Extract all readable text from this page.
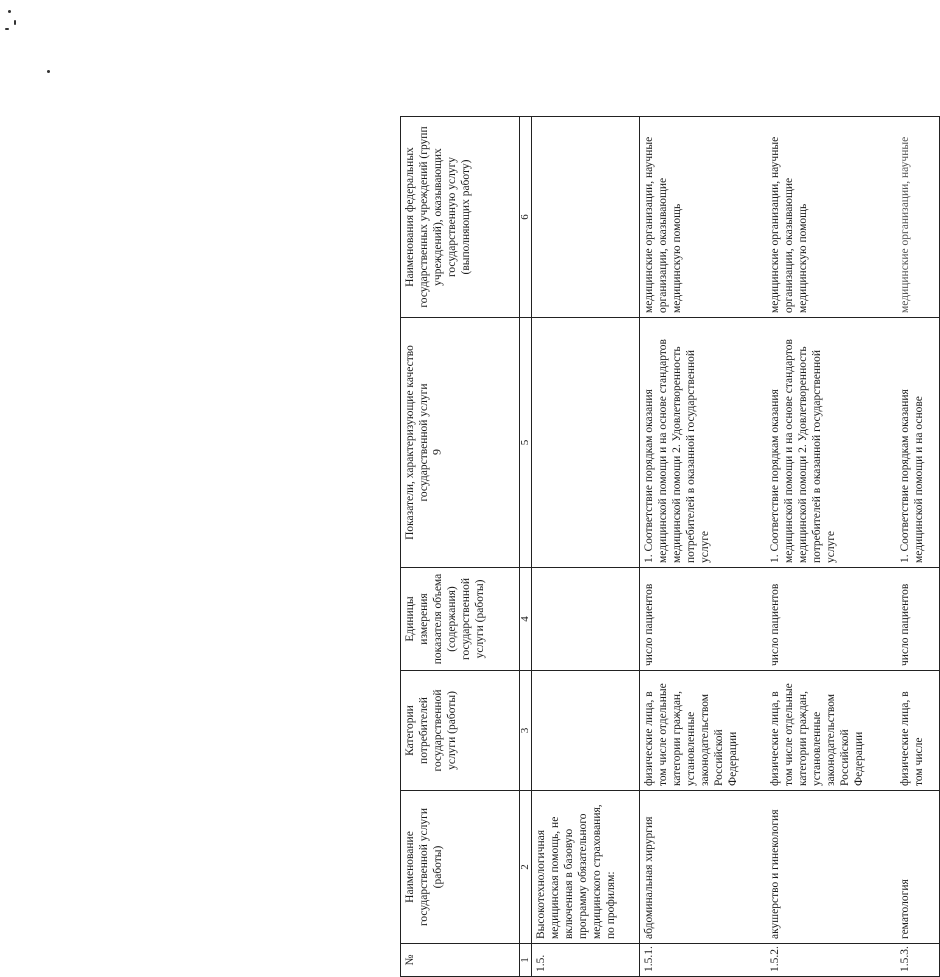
9
№	Наименование государственной услуги (работы)	Категории потребителей государственной услуги (работы)	Единицы измерения показателя объема (содержания) государственной услуги (работы)	Показатели, характеризующие качество государственной услуги	Наименования федеральных государственных учреждений (групп учреждений), оказывающих государственную услугу (выполняющих работу)
1	2	3	4	5	6
1.5.	Высокотехнологичная медицинская помощь, не включенная в базовую программу обязательного медицинского страхования, по профилям:				
1.5.1.	абдоминальная хирургия	физические лица, в том числе отдельные категории граждан, установленные законодательством Российской Федерации	число пациентов	1. Соответствие порядкам оказания медицинской помощи и на основе стандартов медицинской помощи 2. Удовлетворенность потребителей в оказанной государственной услуге	медицинские организации, научные организации, оказывающие медицинскую помощь
1.5.2.	акушерство и гинекология	физические лица, в том числе отдельные категории граждан, установленные законодательством Российской Федерации	число пациентов	1. Соответствие порядкам оказания медицинской помощи и на основе стандартов медицинской помощи 2. Удовлетворенность потребителей в оказанной государственной услуге	медицинские организации, научные организации, оказывающие медицинскую помощь
1.5.3.	гематология	физические лица, в том числе	число пациентов	1. Соответствие порядкам оказания медицинской помощи и на основе	медицинские организации, научные
